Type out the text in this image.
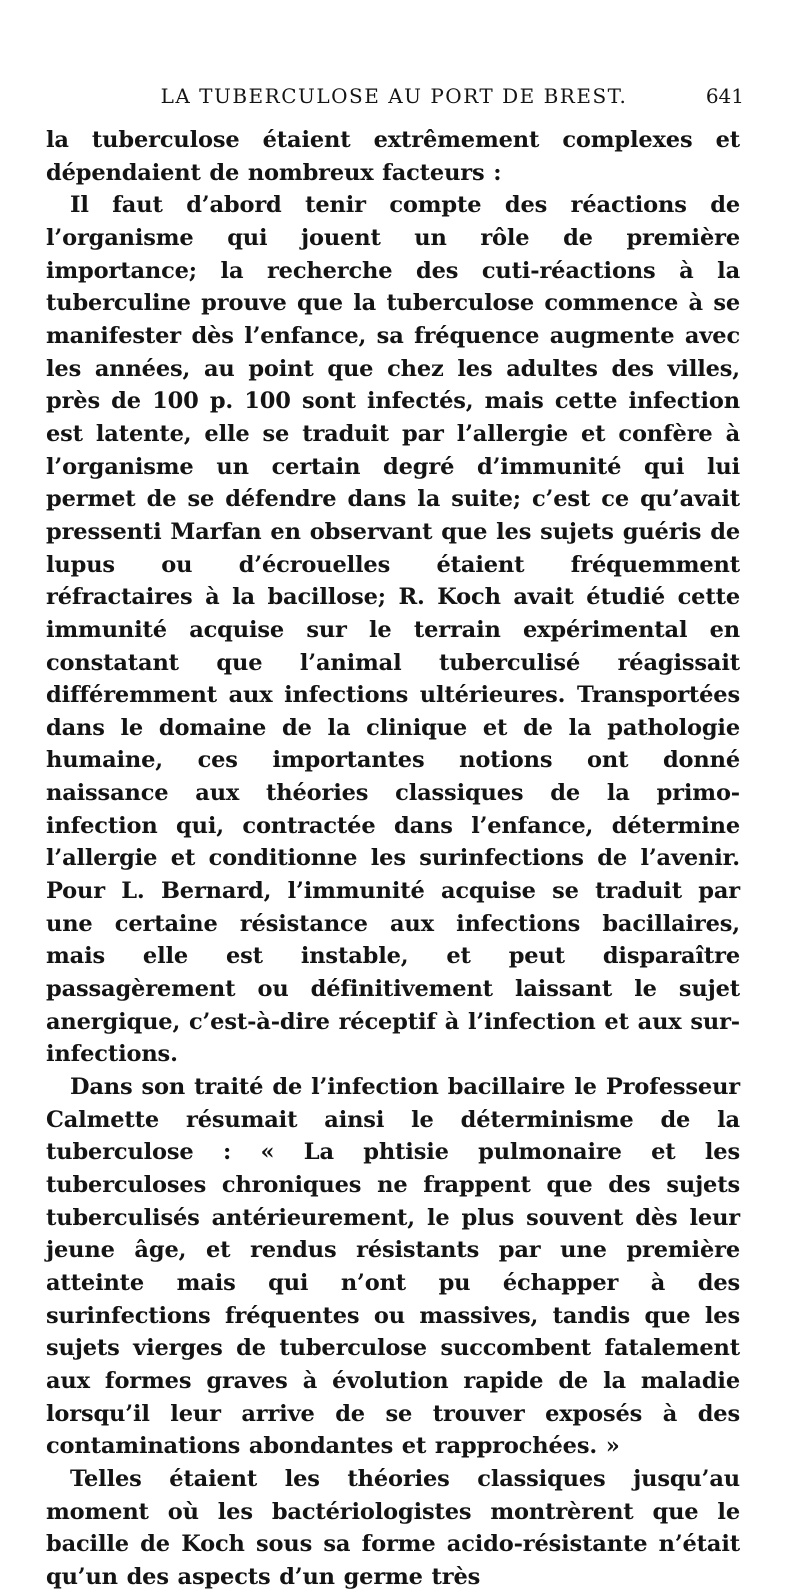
LA TUBERCULOSE AU PORT DE BREST.	641

la tuberculose étaient extrêmement complexes et dépendaient de nombreux facteurs :

Il faut d’abord tenir compte des réactions de l’organisme qui jouent un rôle de première importance; la recherche des cuti-réactions à la tuberculine prouve que la tuberculose commence à se manifester dès l’enfance, sa fréquence augmente avec les années, au point que chez les adultes des villes, près de 100 p. 100 sont infectés, mais cette infection est latente, elle se traduit par l’allergie et confère à l’organisme un certain degré d’immunité qui lui permet de se défendre dans la suite; c’est ce qu’avait pressenti Marfan en observant que les sujets guéris de lupus ou d’écrouelles étaient fréquemment réfractaires à la bacillose; R. Koch avait étudié cette immunité acquise sur le terrain expérimental en constatant que l’animal tuberculisé réagissait différemment aux infections ultérieures. Transportées dans le domaine de la clinique et de la pathologie humaine, ces importantes notions ont donné naissance aux théories classiques de la primo-infection qui, contractée dans l’enfance, détermine l’allergie et conditionne les surinfections de l’avenir. Pour L. Bernard, l’immunité acquise se traduit par une certaine résistance aux infections bacillaires, mais elle est instable, et peut disparaître passagèrement ou définitivement laissant le sujet anergique, c’est-à-dire réceptif à l’infection et aux sur-infections.

Dans son traité de l’infection bacillaire le Professeur Calmette résumait ainsi le déterminisme de la tuberculose : « La phtisie pulmonaire et les tuberculoses chroniques ne frappent que des sujets tuberculisés antérieurement, le plus souvent dès leur jeune âge, et rendus résistants par une première atteinte mais qui n’ont pu échapper à des surinfections fréquentes ou massives, tandis que les sujets vierges de tuberculose succombent fatalement aux formes graves à évolution rapide de la maladie lorsqu’il leur arrive de se trouver exposés à des contaminations abondantes et rapprochées. »

Telles étaient les théories classiques jusqu’au moment où les bactériologistes montrèrent que le bacille de Koch sous sa forme acido-résistante n’était qu’un des aspects d’un germe très
